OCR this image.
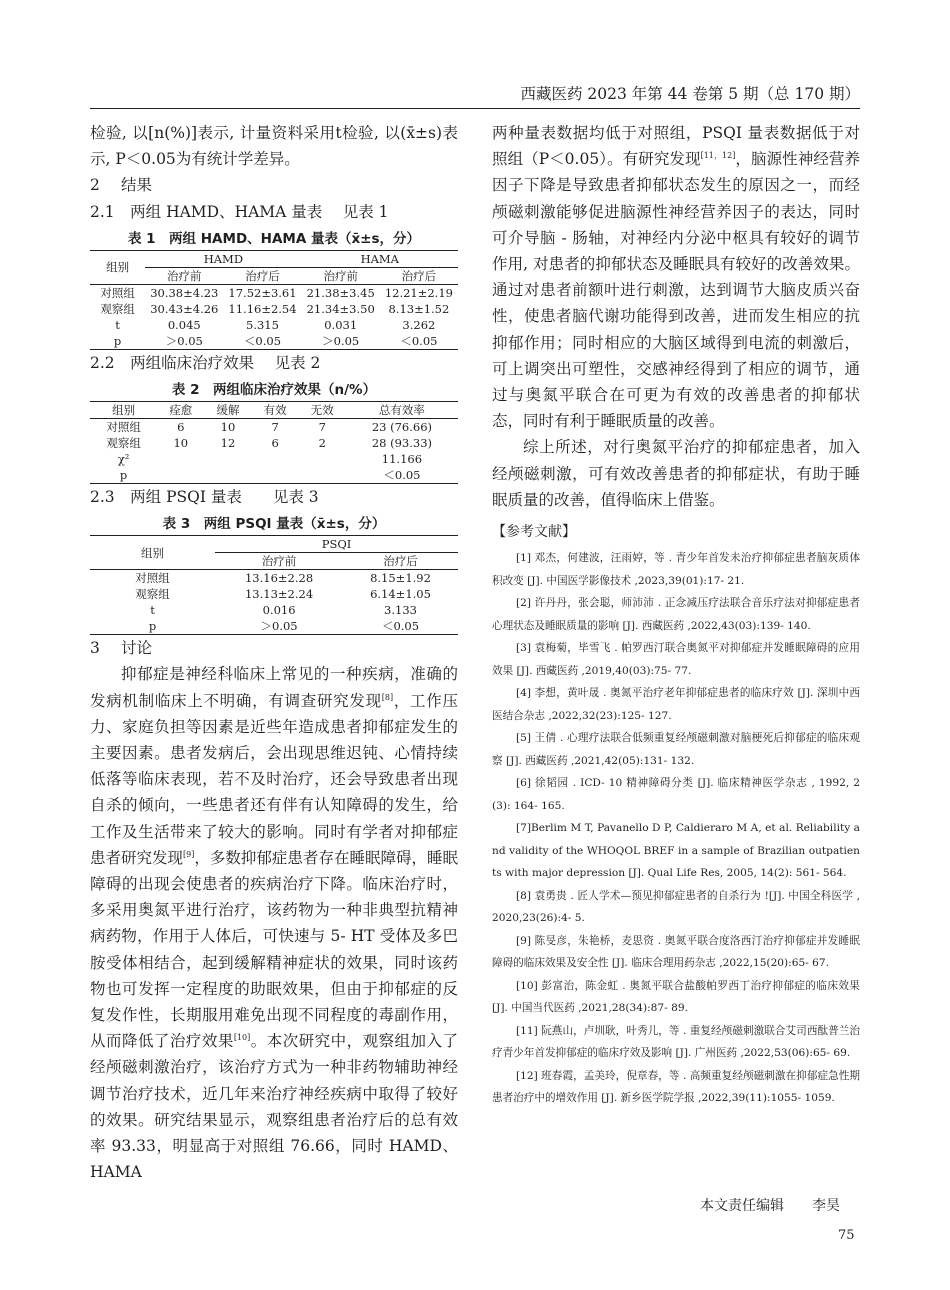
西藏医药 2023 年第 44 卷第 5 期（总 170 期）

检验, 以[n(%)]表示, 计量资料采用t检验, 以(x̄±s)表示, P＜0.05为有统计学差异。

2 结果

2.1　两组 HAMD、HAMA 量表　 见表 1

表 1　两组 HAMD、HAMA 量表（x̄±s，分）
组别	HAMD		HAMA	
	治疗前	治疗后	治疗前	治疗后
对照组	30.38±4.23	17.52±3.61	21.38±3.45	12.21±2.19
观察组	30.43±4.26	11.16±2.54	21.34±3.50	8.13±1.52
t	0.045	5.315	0.031	3.262
p	＞0.05	＜0.05	＞0.05	＜0.05

2.2　两组临床治疗效果　 见表 2

表 2　两组临床治疗效果（n/%）
组别	痊愈	缓解	有效	无效	总有效率
对照组	6	10	7	7	23 (76.66)
观察组	10	12	6	2	28 (93.33)
χ²					11.166
p					＜0.05

2.3　两组 PSQI 量表　　见表 3

表 3　两组 PSQI 量表（x̄±s，分）
组别	PSQI	
	治疗前	治疗后
对照组	13.16±2.28	8.15±1.92
观察组	13.13±2.24	6.14±1.05
t	0.016	3.133
p	＞0.05	＜0.05

3 讨论

抑郁症是神经科临床上常见的一种疾病，准确的发病机制临床上不明确，有调查研究发现[8]，工作压力、家庭负担等因素是近些年造成患者抑郁症发生的主要因素。患者发病后，会出现思维迟钝、心情持续低落等临床表现，若不及时治疗，还会导致患者出现自杀的倾向，一些患者还有伴有认知障碍的发生，给工作及生活带来了较大的影响。同时有学者对抑郁症患者研究发现[9]，多数抑郁症患者存在睡眠障碍，睡眠障碍的出现会使患者的疾病治疗下降。临床治疗时，多采用奥氮平进行治疗，该药物为一种非典型抗精神病药物，作用于人体后，可快速与 5- HT 受体及多巴胺受体相结合，起到缓解精神症状的效果，同时该药物也可发挥一定程度的助眠效果，但由于抑郁症的反复发作性，长期服用难免出现不同程度的毒副作用，从而降低了治疗效果[10]。本次研究中，观察组加入了经颅磁刺激治疗，该治疗方式为一种非药物辅助神经调节治疗技术，近几年来治疗神经疾病中取得了较好的效果。研究结果显示，观察组患者治疗后的总有效率 93.33，明显高于对照组 76.66，同时 HAMD、HAMA

两种量表数据均低于对照组，PSQI 量表数据低于对照组（P＜0.05）。有研究发现[11，12]，脑源性神经营养因子下降是导致患者抑郁状态发生的原因之一，而经颅磁刺激能够促进脑源性神经营养因子的表达，同时可介导脑 - 肠轴，对神经内分泌中枢具有较好的调节作用, 对患者的抑郁状态及睡眠具有较好的改善效果。通过对患者前额叶进行刺激，达到调节大脑皮质兴奋性，使患者脑代谢功能得到改善，进而发生相应的抗抑郁作用；同时相应的大脑区域得到电流的刺激后，可上调突出可塑性，交感神经得到了相应的调节，通过与奥氮平联合在可更为有效的改善患者的抑郁状态，同时有利于睡眠质量的改善。

综上所述，对行奥氮平治疗的抑郁症患者，加入经颅磁刺激，可有效改善患者的抑郁症状，有助于睡眠质量的改善，值得临床上借鉴。

【参考文献】

[1] 邓杰，何建波，汪雨婷，等 . 青少年首发未治疗抑郁症患者脑灰质体积改变 [J]. 中国医学影像技术 ,2023,39(01):17- 21.

[2] 许丹丹，张会聪，师沛沛 . 正念减压疗法联合音乐疗法对抑郁症患者心理状态及睡眠质量的影响 [J]. 西藏医药 ,2022,43(03):139- 140.

[3] 袁梅菊，毕雪飞 . 帕罗西汀联合奥氮平对抑郁症并发睡眠障碍的应用效果 [J]. 西藏医药 ,2019,40(03):75- 77.

[4] 李想，黄叶晟 . 奥氮平治疗老年抑郁症患者的临床疗效 [J]. 深圳中西医结合杂志 ,2022,32(23):125- 127.

[5] 王倩 . 心理疗法联合低频重复经颅磁刺激对脑梗死后抑郁症的临床观察 [J]. 西藏医药 ,2021,42(05):131- 132.

[6] 徐韬园 . ICD- 10 精神障碍分类 [J]. 临床精神医学杂志 , 1992, 2(3): 164- 165.

[7]Berlim M T, Pavanello D P, Caldieraro M A, et al. Reliability and validity of the WHOQOL BREF in a sample of Brazilian outpatients with major depression [J]. Qual Life Res, 2005, 14(2): 561- 564.

[8] 袁勇贵 . 匠人学术—预见抑郁症患者的自杀行为 ![J]. 中国全科医学 ,2020,23(26):4- 5.

[9] 陈旻彦，朱艳桥，麦思资 . 奥氮平联合度洛西汀治疗抑郁症并发睡眠障碍的临床效果及安全性 [J]. 临床合理用药杂志 ,2022,15(20):65- 67.

[10] 彭富治，陈金虹 . 奥氮平联合盐酸帕罗西丁治疗抑郁症的临床效果 [J]. 中国当代医药 ,2021,28(34):87- 89.

[11] 阮燕山，卢圳耿，叶秀儿，等 . 重复经颅磁刺激联合艾司西酞普兰治疗青少年首发抑郁症的临床疗效及影响 [J]. 广州医药 ,2022,53(06):65- 69.

[12] 班春霞，孟美玲，倪章春，等 . 高频重复经颅磁刺激在抑郁症急性期患者治疗中的增效作用 [J]. 新乡医学院学报 ,2022,39(11):1055- 1059.

本文责任编辑　　李昊
75
